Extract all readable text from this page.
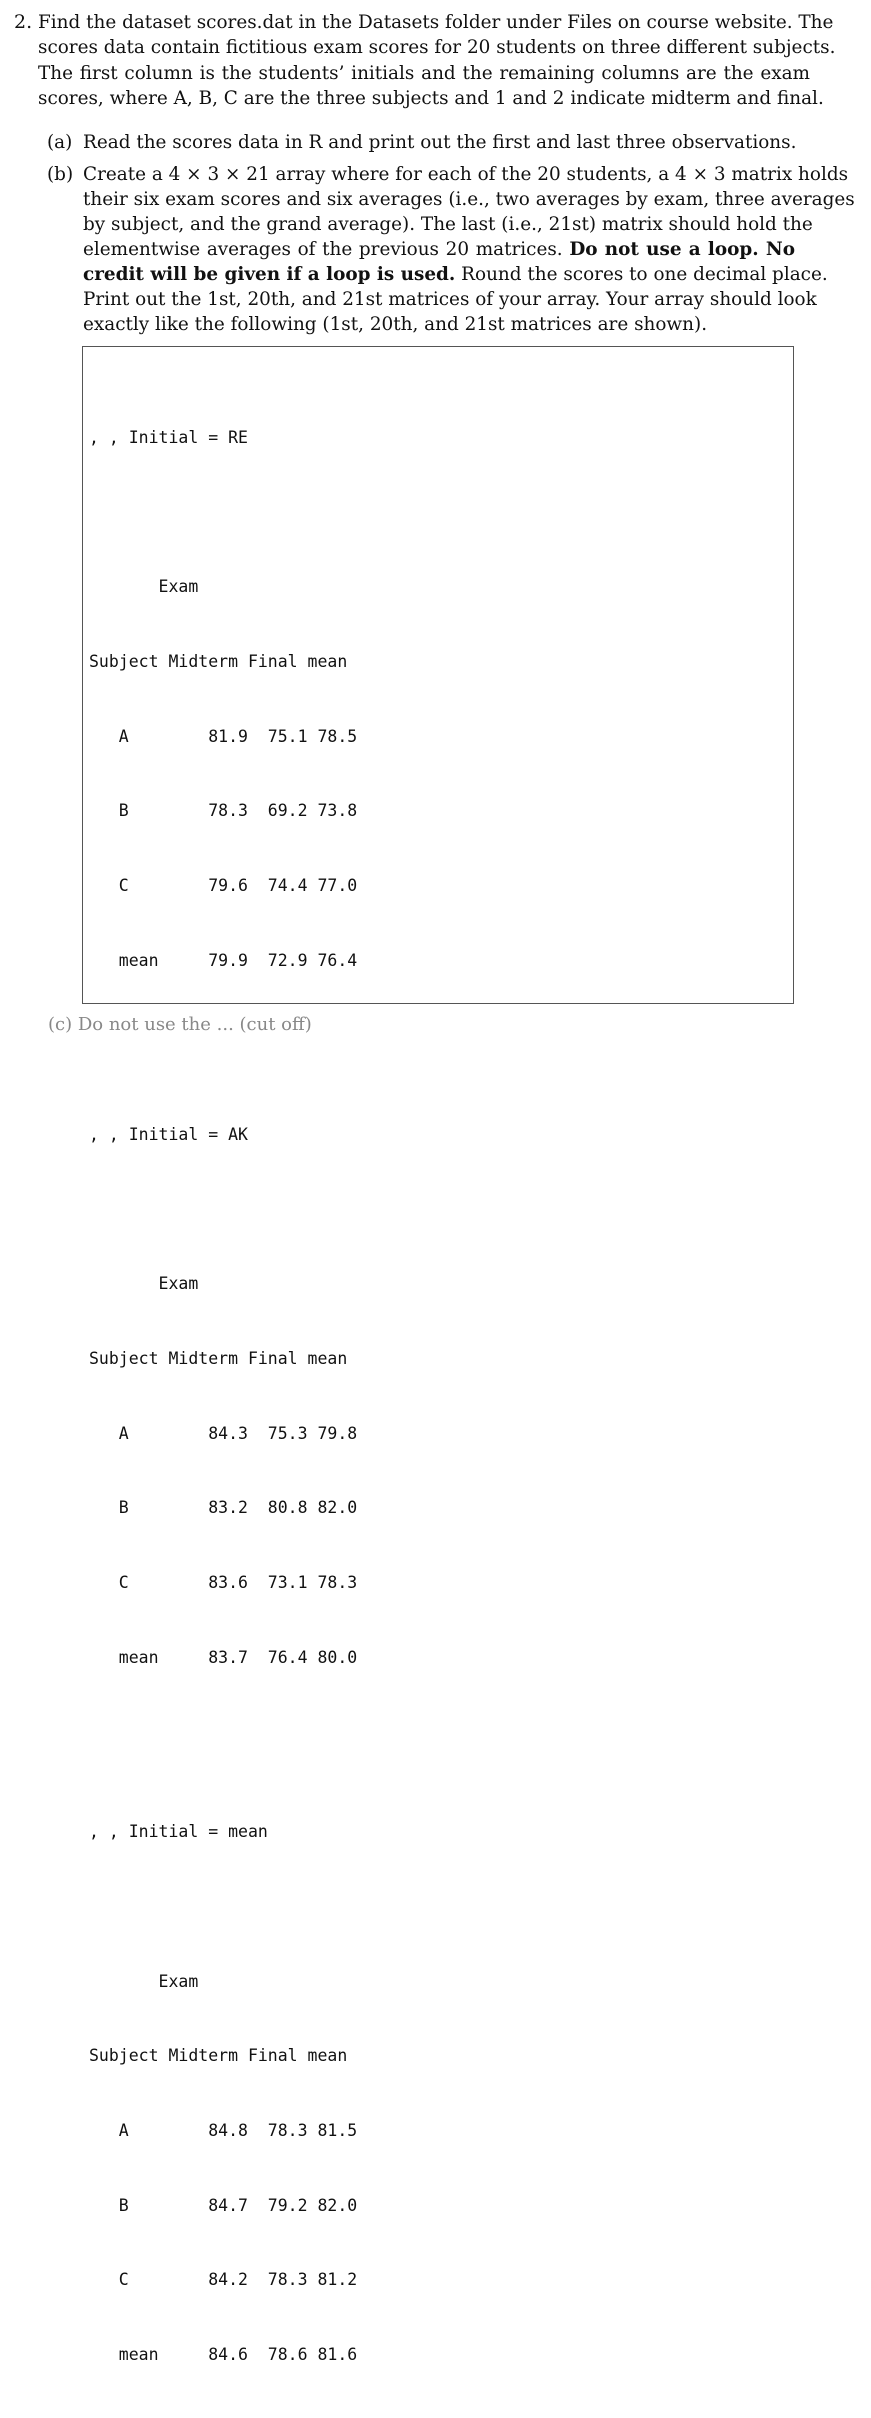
2. Find the dataset scores.dat in the Datasets folder under Files on course website. The
scores data contain fictitious exam scores for 20 students on three different subjects.
The first column is the students’ initials and the remaining columns are the exam
scores, where A, B, C are the three subjects and 1 and 2 indicate midterm and final.
(a) Read the scores data in R and print out the first and last three observations.
(b) Create a 4 × 3 × 21 array where for each of the 20 students, a 4 × 3 matrix holds
their six exam scores and six averages (i.e., two averages by exam, three averages
by subject, and the grand average). The last (i.e., 21st) matrix should hold the
elementwise averages of the previous 20 matrices. Do not use a loop. No
credit will be given if a loop is used. Round the scores to one decimal place.
Print out the 1st, 20th, and 21st matrices of your array. Your array should look
exactly like the following (1st, 20th, and 21st matrices are shown).

, , Initial = RE

Exam

Subject Midterm Final mean

A        81.9  75.1 78.5

B        78.3  69.2 73.8

C        79.6  74.4 77.0

mean     79.9  72.9 76.4

, , Initial = AK

Exam

Subject Midterm Final mean

A        84.3  75.3 79.8

B        83.2  80.8 82.0

C        83.6  73.1 78.3

mean     83.7  76.4 80.0

, , Initial = mean

Exam

Subject Midterm Final mean

A        84.8  78.3 81.5

B        84.7  79.2 82.0

C        84.2  78.3 81.2

mean     84.6  78.6 81.6

(c) Do not use the ... (cut off)
